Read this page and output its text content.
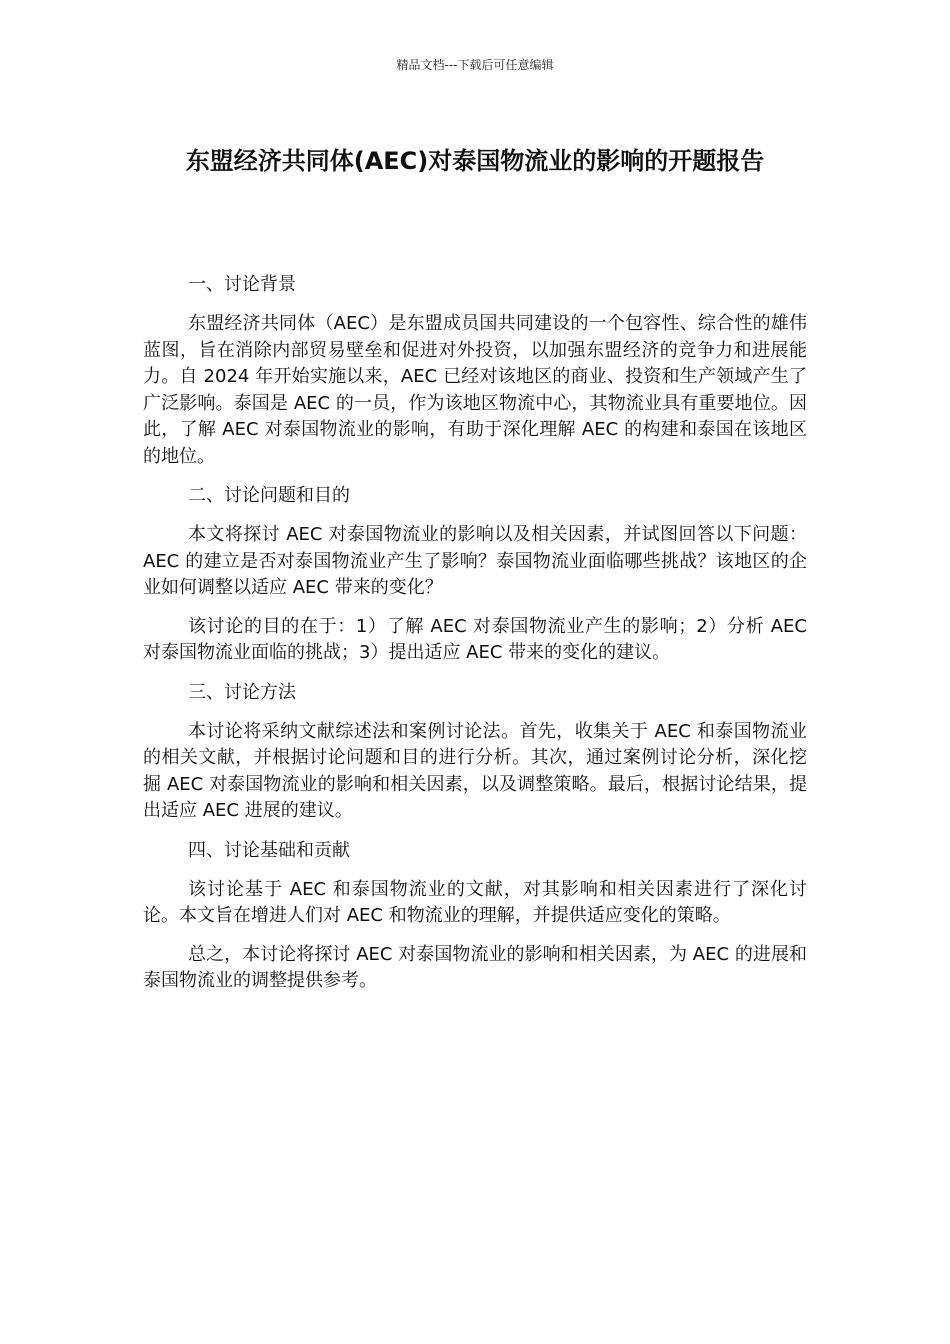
精品文档---下载后可任意编辑
东盟经济共同体(AEC)对泰国物流业的影响的开题报告
一、讨论背景

东盟经济共同体（AEC）是东盟成员国共同建设的一个包容性、综合性的雄伟蓝图，旨在消除内部贸易壁垒和促进对外投资，以加强东盟经济的竞争力和进展能力。自 2024 年开始实施以来，AEC 已经对该地区的商业、投资和生产领域产生了广泛影响。泰国是 AEC 的一员，作为该地区物流中心，其物流业具有重要地位。因此，了解 AEC 对泰国物流业的影响，有助于深化理解 AEC 的构建和泰国在该地区的地位。

二、讨论问题和目的

本文将探讨 AEC 对泰国物流业的影响以及相关因素，并试图回答以下问题：AEC 的建立是否对泰国物流业产生了影响？泰国物流业面临哪些挑战？该地区的企业如何调整以适应 AEC 带来的变化？

该讨论的目的在于：1）了解 AEC 对泰国物流业产生的影响；2）分析 AEC 对泰国物流业面临的挑战；3）提出适应 AEC 带来的变化的建议。

三、讨论方法

本讨论将采纳文献综述法和案例讨论法。首先，收集关于 AEC 和泰国物流业的相关文献，并根据讨论问题和目的进行分析。其次，通过案例讨论分析，深化挖掘 AEC 对泰国物流业的影响和相关因素，以及调整策略。最后，根据讨论结果，提出适应 AEC 进展的建议。

四、讨论基础和贡献

该讨论基于 AEC 和泰国物流业的文献，对其影响和相关因素进行了深化讨论。本文旨在增进人们对 AEC 和物流业的理解，并提供适应变化的策略。

总之，本讨论将探讨 AEC 对泰国物流业的影响和相关因素，为 AEC 的进展和泰国物流业的调整提供参考。
